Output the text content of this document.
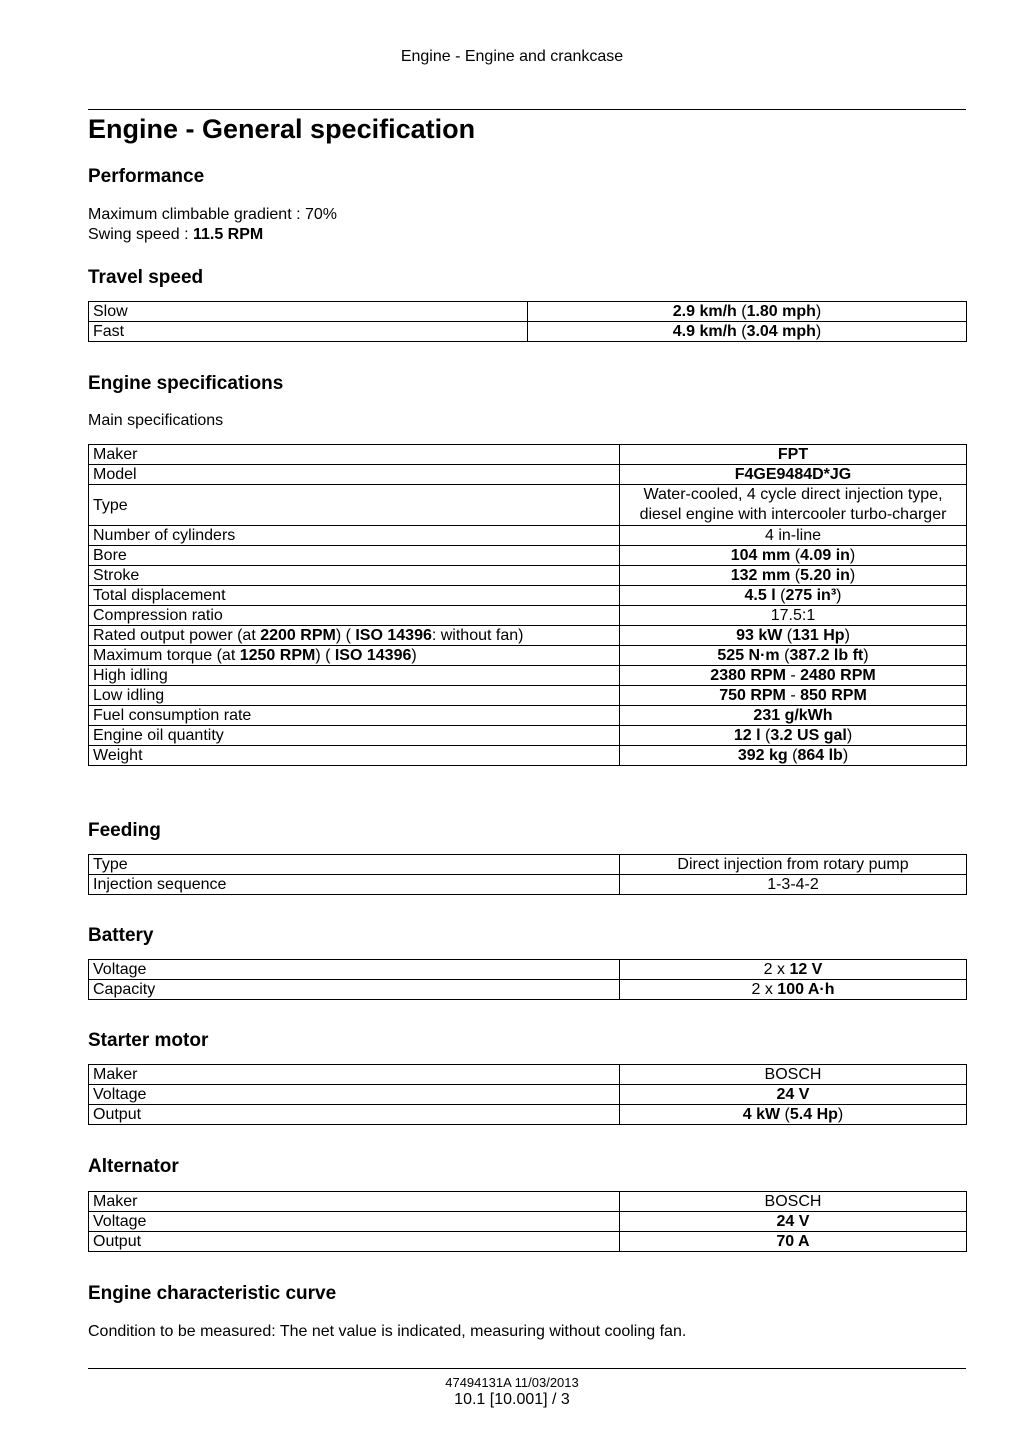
Engine - Engine and crankcase
Engine - General specification
Performance
Maximum climbable gradient : 70%
Swing speed : 11.5 RPM
Travel speed
Slow	2.9 km/h (1.80 mph)
Fast	4.9 km/h (3.04 mph)
Engine specifications
Main specifications
Maker	FPT
Model	F4GE9484D*JG
Type	Water-cooled, 4 cycle direct injection type,
diesel engine with intercooler turbo-charger
Number of cylinders	4 in-line
Bore	104 mm (4.09 in)
Stroke	132 mm (5.20 in)
Total displacement	4.5 l (275 in³)
Compression ratio	17.5:1
Rated output power (at 2200 RPM) ( ISO 14396: without fan)	93 kW (131 Hp)
Maximum torque (at 1250 RPM) ( ISO 14396)	525 N·m (387.2 lb ft)
High idling	2380 RPM - 2480 RPM
Low idling	750 RPM - 850 RPM
Fuel consumption rate	231 g/kWh
Engine oil quantity	12 l (3.2 US gal)
Weight	392 kg (864 lb)
Feeding
Type	Direct injection from rotary pump
Injection sequence	1-3-4-2
Battery
Voltage	2 x 12 V
Capacity	2 x 100 A·h
Starter motor
Maker	BOSCH
Voltage	24 V
Output	4 kW (5.4 Hp)
Alternator
Maker	BOSCH
Voltage	24 V
Output	70 A
Engine characteristic curve
Condition to be measured: The net value is indicated, measuring without cooling fan.
47494131A 11/03/2013
10.1 [10.001] / 3
